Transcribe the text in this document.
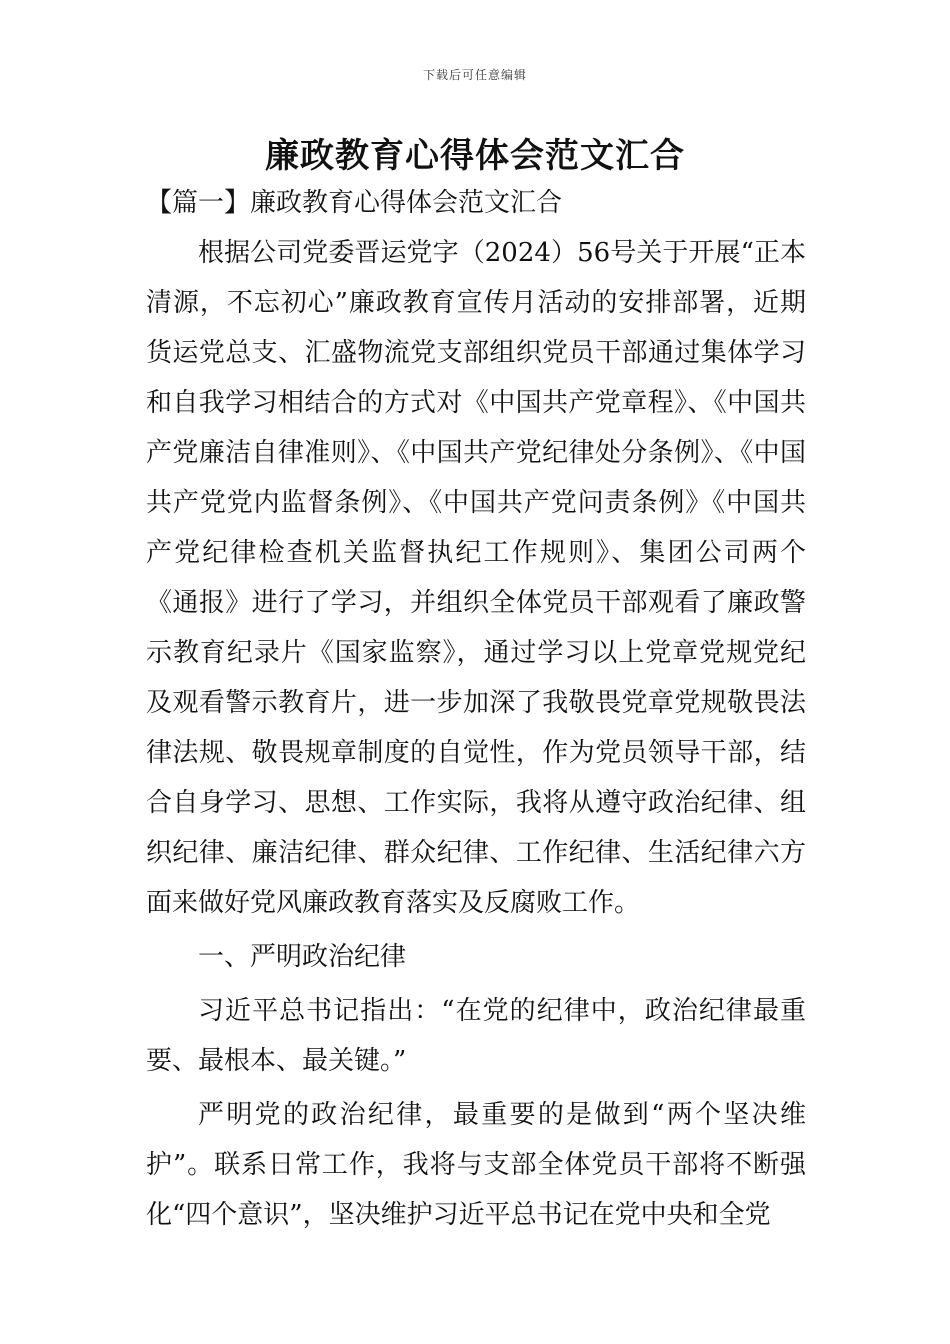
下载后可任意编辑
廉政教育心得体会范文汇合
【篇一】廉政教育心得体会范文汇合

根据公司党委晋运党字（2024）56号关于开展“正本清源，不忘初心”廉政教育宣传月活动的安排部署，近期货运党总支、汇盛物流党支部组织党员干部通过集体学习和自我学习相结合的方式对《中国共产党章程》、《中国共产党廉洁自律准则》、《中国共产党纪律处分条例》、《中国共产党党内监督条例》、《中国共产党问责条例》《中国共产党纪律检查机关监督执纪工作规则》、集团公司两个《通报》进行了学习，并组织全体党员干部观看了廉政警示教育纪录片《国家监察》，通过学习以上党章党规党纪及观看警示教育片，进一步加深了我敬畏党章党规敬畏法律法规、敬畏规章制度的自觉性，作为党员领导干部，结合自身学习、思想、工作实际，我将从遵守政治纪律、组织纪律、廉洁纪律、群众纪律、工作纪律、生活纪律六方面来做好党风廉政教育落实及反腐败工作。

一、严明政治纪律

习近平总书记指出：“在党的纪律中，政治纪律最重要、最根本、最关键。”

严明党的政治纪律，最重要的是做到“两个坚决维护”。联系日常工作，我将与支部全体党员干部将不断强化“四个意识”，坚决维护习近平总书记在党中央和全党
